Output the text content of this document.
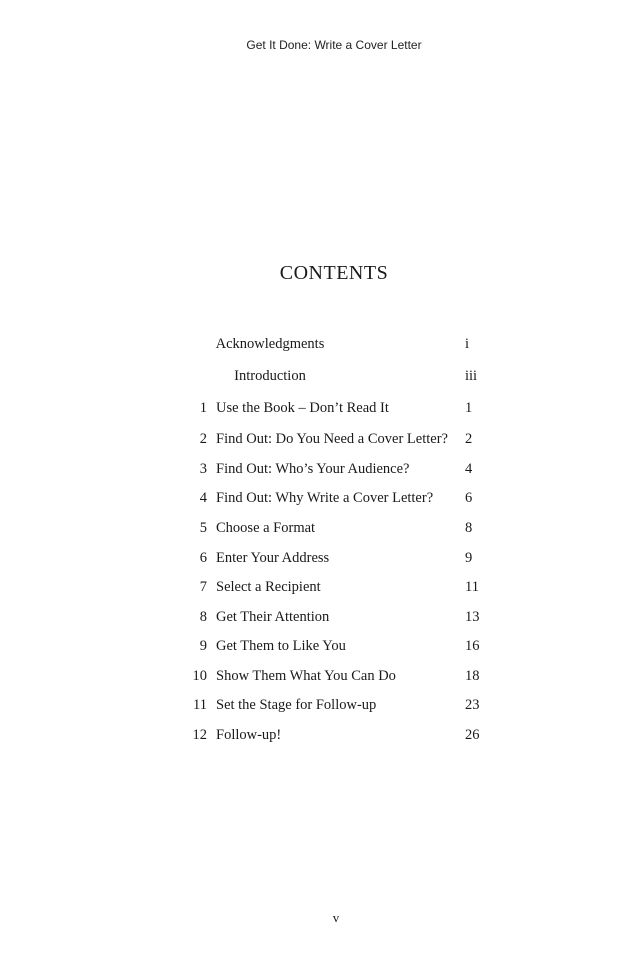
Get It Done: Write a Cover Letter
CONTENTS
Acknowledgments	i
Introduction	iii
1 Use the Book – Don’t Read It	1
2 Find Out: Do You Need a Cover Letter? 2
3 Find Out: Who’s Your Audience?	4
4 Find Out: Why Write a Cover Letter? 6
5 Choose a Format	8
6 Enter Your Address	9
7 Select a Recipient	11
8 Get Their Attention	13
9 Get Them to Like You	16
10 Show Them What You Can Do	18
11 Set the Stage for Follow-up	23
12 Follow-up!	26
v
